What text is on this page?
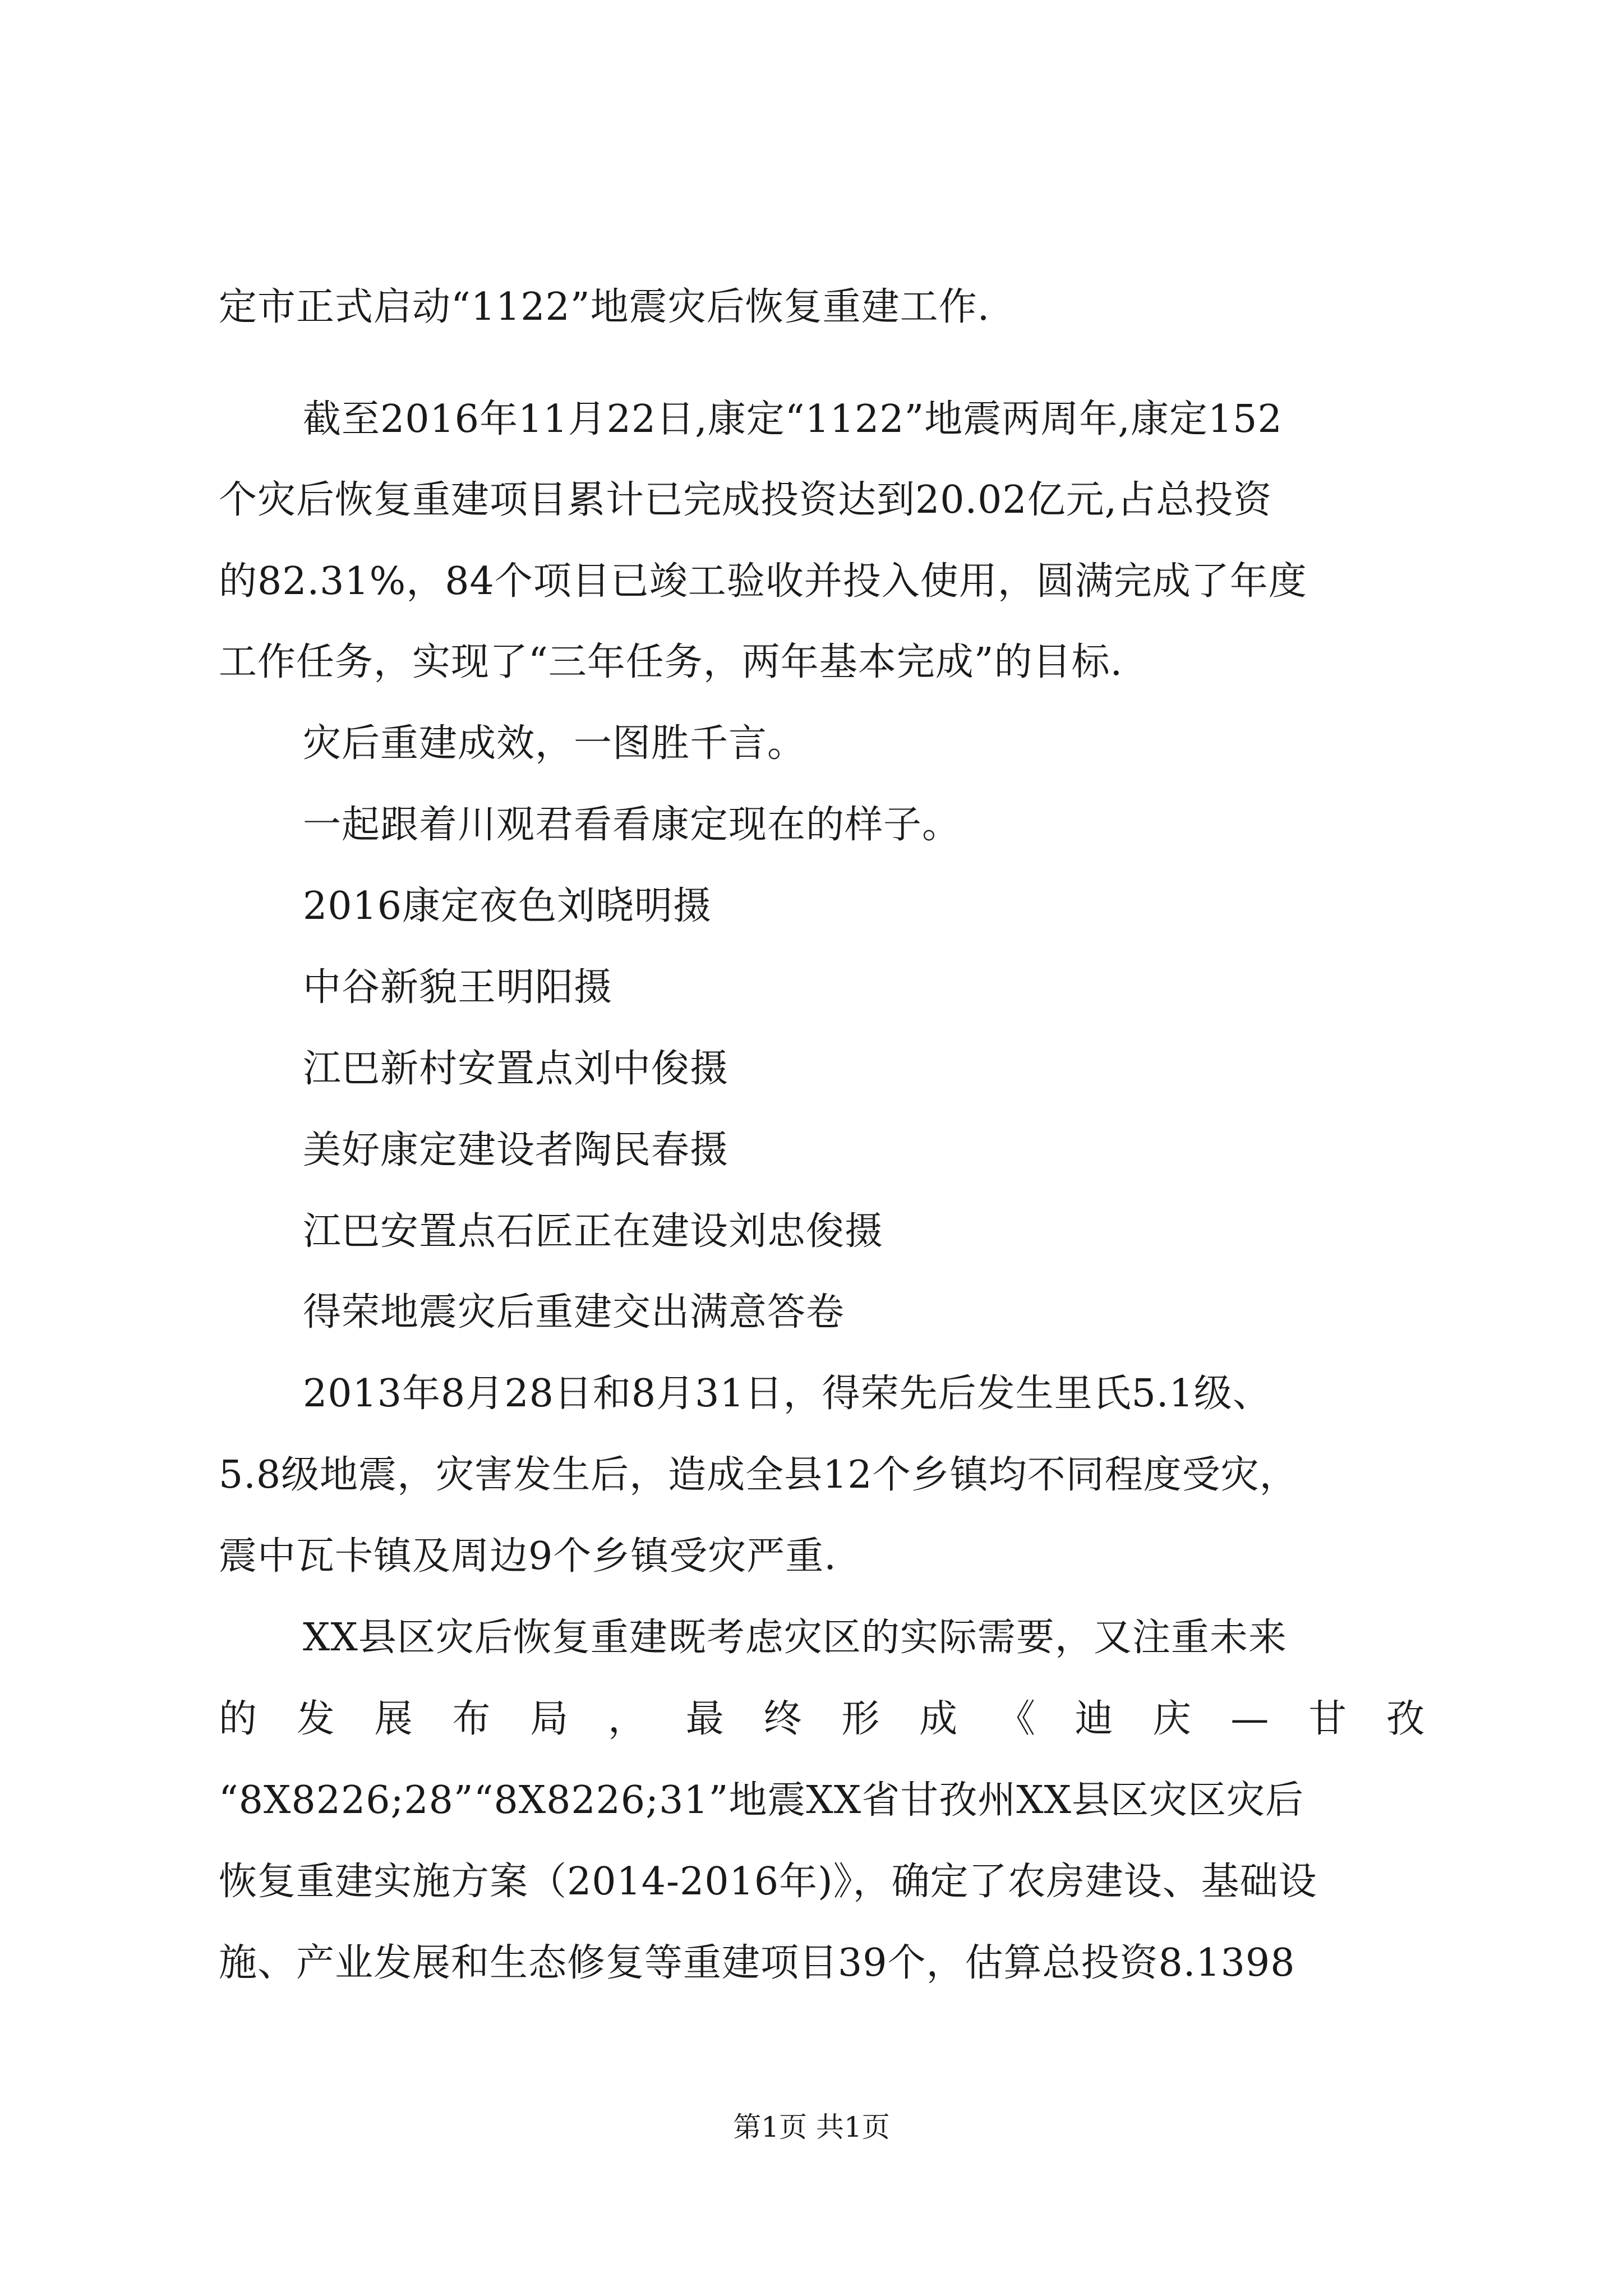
定市正式启动“1122”地震灾后恢复重建工作.
截至2016年11月22日,康定“1122”地震两周年,康定152
个灾后恢复重建项目累计已完成投资达到20.02亿元,占总投资
的82.31%，84个项目已竣工验收并投入使用，圆满完成了年度
工作任务，实现了“三年任务，两年基本完成”的目标.
灾后重建成效，一图胜千言。
一起跟着川观君看看康定现在的样子。
2016康定夜色刘晓明摄
中谷新貌王明阳摄
江巴新村安置点刘中俊摄
美好康定建设者陶民春摄
江巴安置点石匠正在建设刘忠俊摄
得荣地震灾后重建交出满意答卷
2013年8月28日和8月31日，得荣先后发生里氏5.1级、
5.8级地震，灾害发生后，造成全县12个乡镇均不同程度受灾，
震中瓦卡镇及周边9个乡镇受灾严重.
XX县区灾后恢复重建既考虑灾区的实际需要，又注重未来
的 发 展 布 局 ， 最 终 形 成 《 迪 庆 — 甘 孜
“8X8226;28”“8X8226;31”地震XX省甘孜州XX县区灾区灾后
恢复重建实施方案（2014-2016年)》，确定了农房建设、基础设
施、产业发展和生态修复等重建项目39个，估算总投资8.1398
第1页 共1页
